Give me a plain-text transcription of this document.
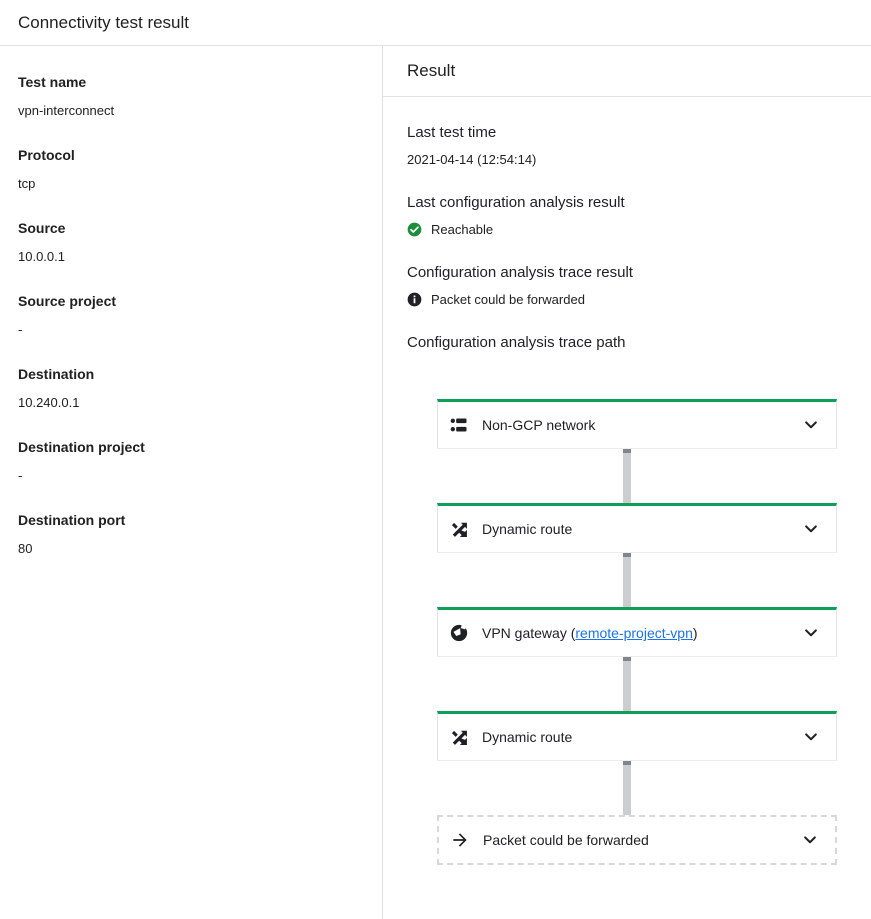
Connectivity test result
Test name
vpn-interconnect
Protocol
tcp
Source
10.0.0.1
Source project
-
Destination
10.240.0.1
Destination project
-
Destination port
80
Result
Last test time
2021-04-14 (12:54:14)
Last configuration analysis result
Reachable
Configuration analysis trace result
Packet could be forwarded
Configuration analysis trace path
Non-GCP network
Dynamic route
VPN gateway (remote-project-vpn)
Dynamic route
Packet could be forwarded
